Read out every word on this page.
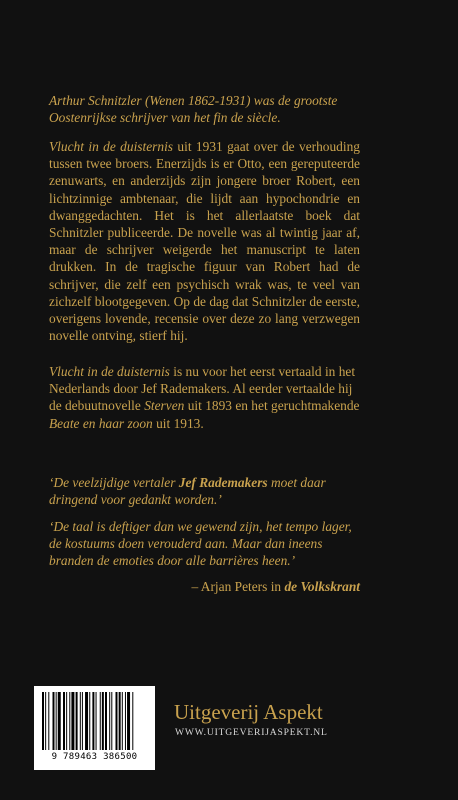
Arthur Schnitzler (Wenen 1862-1931) was de grootste Oostenrijkse schrijver van het fin de siècle.
Vlucht in de duisternis uit 1931 gaat over de verhouding tussen twee broers. Enerzijds is er Otto, een gereputeerde zenuwarts, en anderzijds zijn jongere broer Robert, een lichtzinnige ambtenaar, die lijdt aan hypochondrie en dwanggedachten. Het is het allerlaatste boek dat Schnitzler publiceerde. De novelle was al twintig jaar af, maar de schrijver weigerde het manuscript te laten drukken. In de tragische figuur van Robert had de schrijver, die zelf een psychisch wrak was, te veel van zichzelf blootgegeven. Op de dag dat Schnitzler de eerste, overigens lovende, recensie over deze zo lang verzwegen novelle ontving, stierf hij.
Vlucht in de duisternis is nu voor het eerst vertaald in het Nederlands door Jef Rademakers. Al eerder vertaalde hij de debuutnovelle Sterven uit 1893 en het geruchtmakende Beate en haar zoon uit 1913.
‘De veelzijdige vertaler Jef Rademakers moet daar dringend voor gedankt worden.’
‘De taal is deftiger dan we gewend zijn, het tempo lager, de kostuums doen verouderd aan. Maar dan ineens branden de emoties door alle barrières heen.’
– Arjan Peters in de Volkskrant
9 789463 386500
Uitgeverij Aspekt
WWW.UITGEVERIJASPEKT.NL
